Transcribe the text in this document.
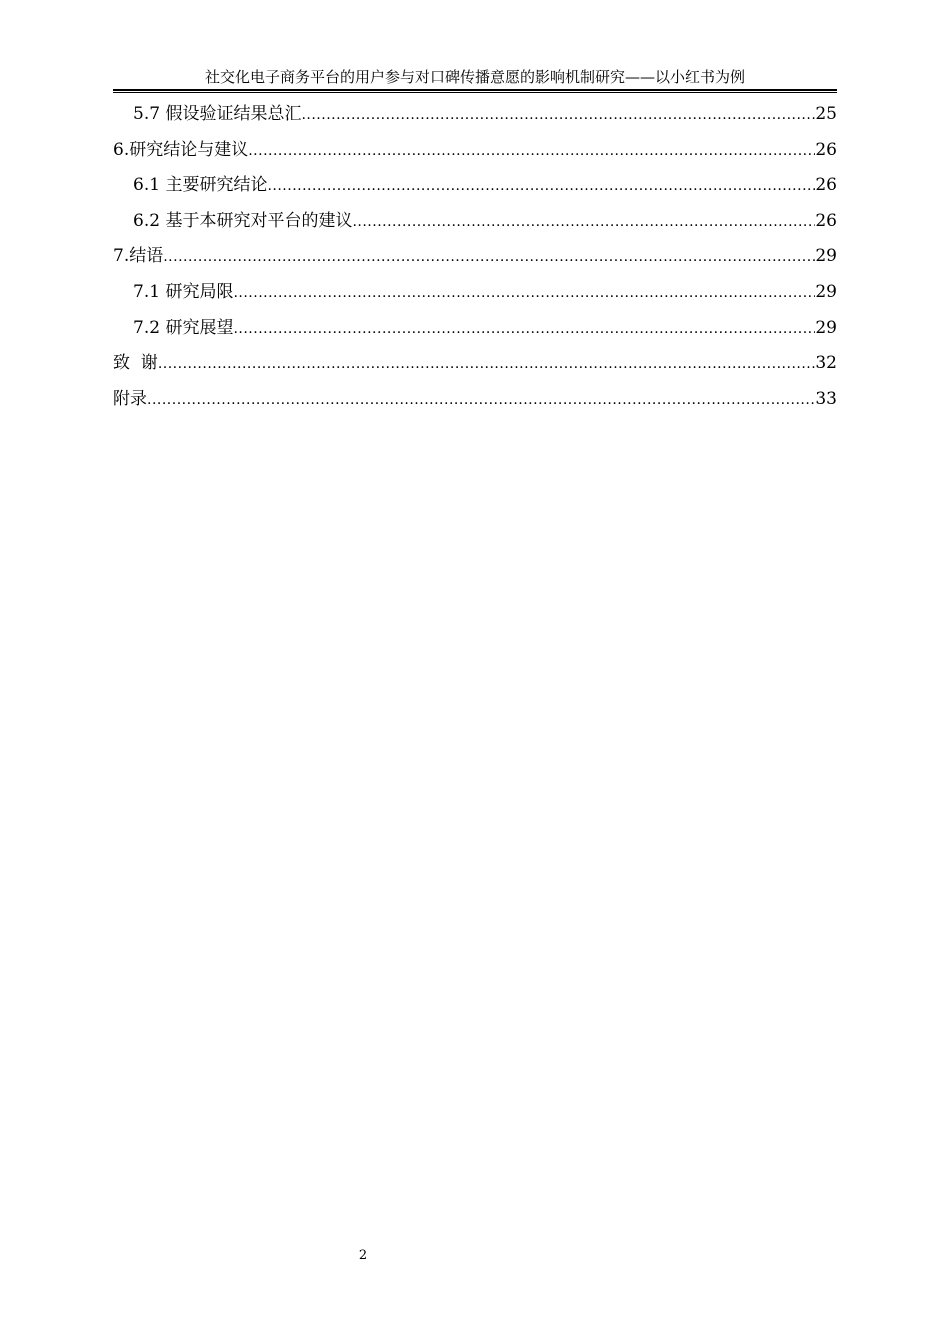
社交化电子商务平台的用户参与对口碑传播意愿的影响机制研究——以小红书为例
5.7 假设验证结果总汇 .....	25
6.研究结论与建议 .....	26
6.1 主要研究结论 .....	26
6.2 基于本研究对平台的建议 .....	26
7.结语 .....	29
7.1 研究局限 .....	29
7.2 研究展望 .....	29
致  谢 .....	32
附录 .....	33
2
